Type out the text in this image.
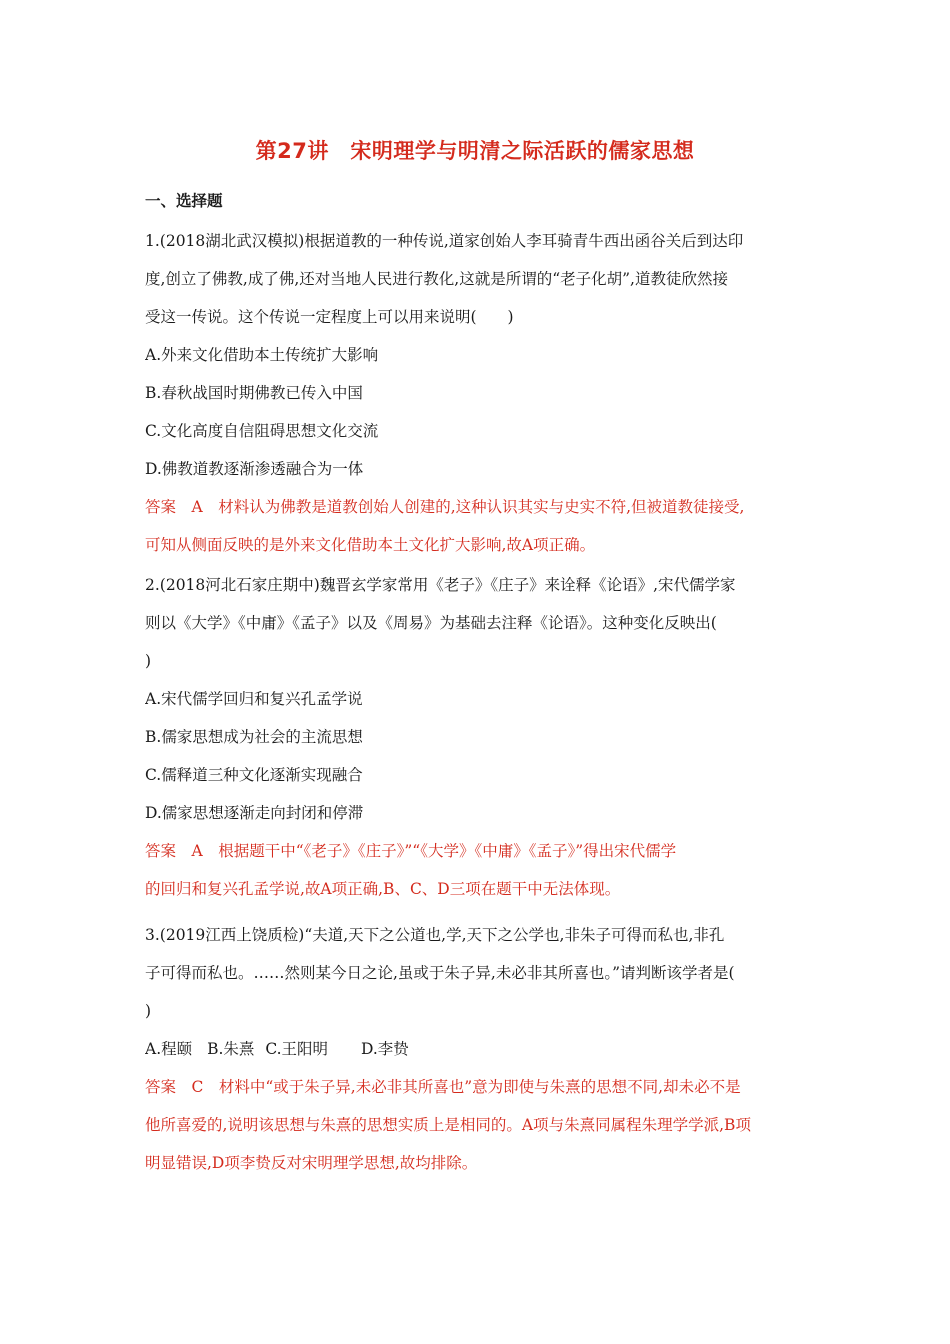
第27讲　宋明理学与明清之际活跃的儒家思想
一、选择题
1.(2018湖北武汉模拟)根据道教的一种传说,道家创始人李耳骑青牛西出函谷关后到达印
度,创立了佛教,成了佛,还对当地人民进行教化,这就是所谓的“老子化胡”,道教徒欣然接
受这一传说。这个传说一定程度上可以用来说明(　　)
A.外来文化借助本土传统扩大影响
B.春秋战国时期佛教已传入中国
C.文化高度自信阻碍思想文化交流
D.佛教道教逐渐渗透融合为一体
答案　A　材料认为佛教是道教创始人创建的,这种认识其实与史实不符,但被道教徒接受,
可知从侧面反映的是外来文化借助本土文化扩大影响,故A项正确。
2.(2018河北石家庄期中)魏晋玄学家常用《老子》《庄子》来诠释《论语》,宋代儒学家
则以《大学》《中庸》《孟子》以及《周易》为基础去注释《论语》。这种变化反映出(
)
A.宋代儒学回归和复兴孔孟学说
B.儒家思想成为社会的主流思想
C.儒释道三种文化逐渐实现融合
D.儒家思想逐渐走向封闭和停滞
答案　A　根据题干中“《老子》《庄子》”“《大学》《中庸》《孟子》”得出宋代儒学
的回归和复兴孔孟学说,故A项正确,B、C、D三项在题干中无法体现。
3.(2019江西上饶质检)“夫道,天下之公道也,学,天下之公学也,非朱子可得而私也,非孔
子可得而私也。……然则某今日之论,虽或于朱子异,未必非其所喜也。”请判断该学者是(
)
A.程颐 B.朱熹 C.王阳明 D.李贽
答案　C　材料中“或于朱子异,未必非其所喜也”意为即使与朱熹的思想不同,却未必不是
他所喜爱的,说明该思想与朱熹的思想实质上是相同的。A项与朱熹同属程朱理学学派,B项
明显错误,D项李贽反对宋明理学思想,故均排除。
